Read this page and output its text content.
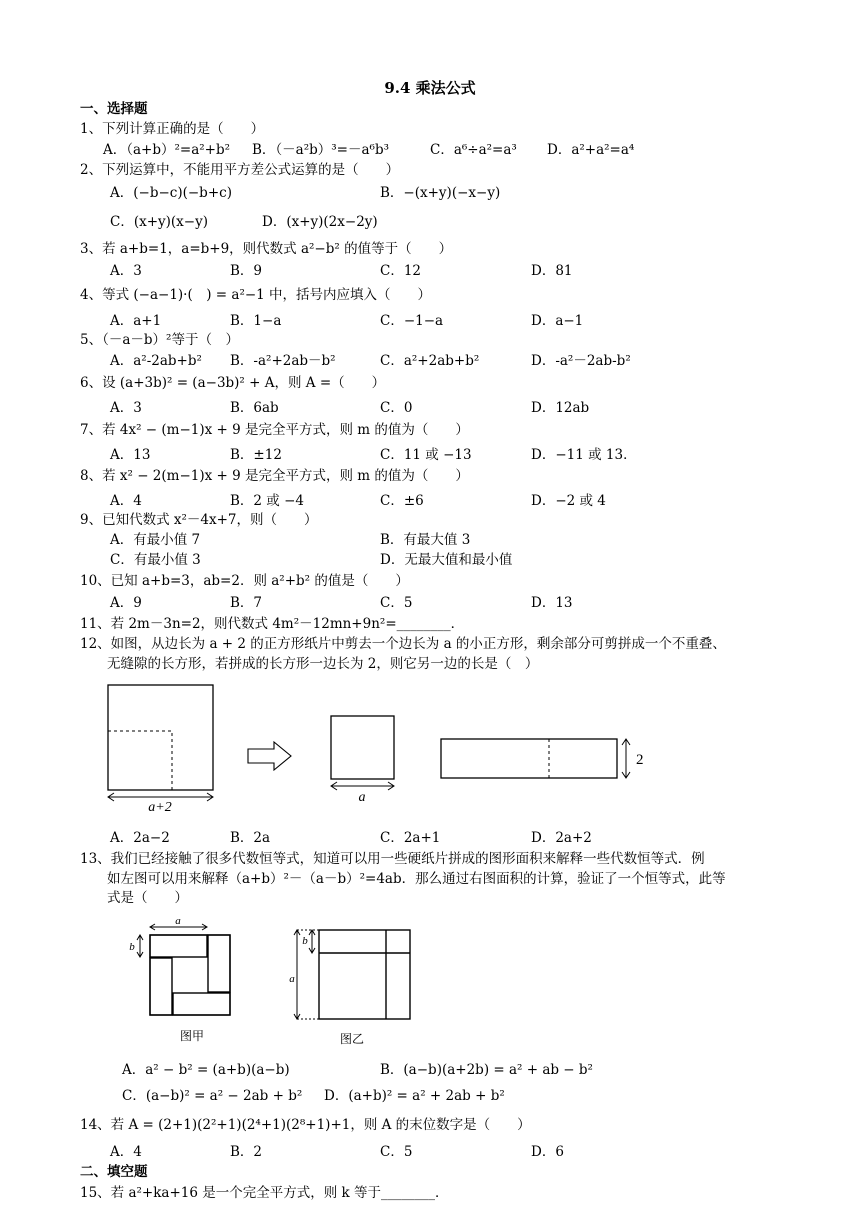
9.4 乘法公式
一、选择题
1、下列计算正确的是（　　）
A．（a+b）²=a²+b² B．（－a²b）³=－a⁶b³	C．a⁶÷a²=a³ D．a²+a²=a⁴
2、下列运算中，不能用平方差公式运算的是（　　）
A．(−b−c)(−b+c)	B．−(x+y)(−x−y)
C．(x+y)(x−y)	D．(x+y)(2x−2y)
3、若 a+b=1，a=b+9，则代数式 a²−b² 的值等于（　　）
A．3	B．9	C．12	D．81
4、等式 (−a−1)·(　) = a²−1 中，括号内应填入（　　）
A．a+1	B．1−a	C．−1−a	D．a−1
5、（－a－b）²等于（　）
A．a²-2ab+b² B．-a²+2ab－b²	C．a²+2ab+b²	D．-a²－2ab-b²
6、设 (a+3b)² = (a−3b)² + A，则 A =（　　）
A．3	B．6ab	C．0	D．12ab
7、若 4x² − (m−1)x + 9 是完全平方式，则 m 的值为（　　）
A．13	B．±12	C．11 或 −13	D．−11 或 13．
8、若 x² − 2(m−1)x + 9 是完全平方式，则 m 的值为（　　）
A．4	B．2 或 −4	C．±6	D．−2 或 4
9、已知代数式 x²－4x+7，则（　　）
A．有最小值 7	B．有最大值 3
C．有最小值 3	D．无最大值和最小值
10、已知 a+b=3，ab=2．则 a²+b² 的值是（　　）
A．9	B．7	C．5	D．13
11、若 2m－3n=2，则代数式 4m²－12mn+9n²=________．
12、如图，从边长为 a + 2 的正方形纸片中剪去一个边长为 a 的小正方形，剩余部分可剪拼成一个不重叠、
无缝隙的长方形，若拼成的长方形一边长为 2，则它另一边的长是（　）
a+2
a
2
A．2a−2	B．2a	C．2a+1	D．2a+2
13、我们已经接触了很多代数恒等式，知道可以用一些硬纸片拼成的图形面积来解释一些代数恒等式．例
如左图可以用来解释（a+b）²－（a－b）²=4ab．那么通过右图面积的计算，验证了一个恒等式，此等
式是（　　）
a
b
图甲
a
b
图乙
A．a² − b² = (a+b)(a−b)	B．(a−b)(a+2b) = a² + ab − b²
C．(a−b)² = a² − 2ab + b² D．(a+b)² = a² + 2ab + b²
14、若 A = (2+1)(2²+1)(2⁴+1)(2⁸+1)+1，则 A 的末位数字是（　　）
A．4	B．2	C．5	D．6
二、填空题
15、若 a²+ka+16 是一个完全平方式，则 k 等于________．
